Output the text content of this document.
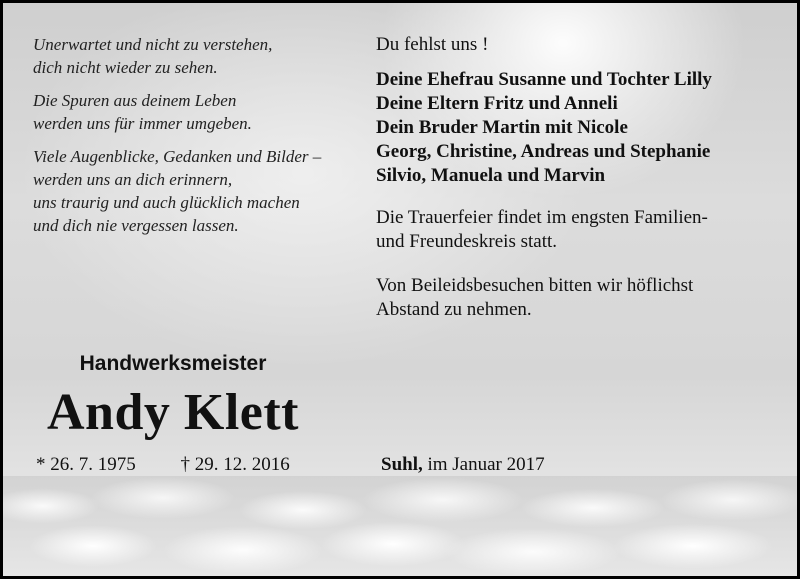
Unerwartet und nicht zu verstehen,
dich nicht wieder zu sehen.

Die Spuren aus deinem Leben
werden uns für immer umgeben.

Viele Augenblicke, Gedanken und Bilder –
werden uns an dich erinnern,
uns traurig und auch glücklich machen
und dich nie vergessen lassen.

Du fehlst uns !

Deine Ehefrau Susanne und Tochter Lilly
Deine Eltern Fritz und Anneli
Dein Bruder Martin mit Nicole
Georg, Christine, Andreas und Stephanie
Silvio, Manuela und Marvin

Die Trauerfeier findet im engsten Familien-
und Freundeskreis statt.

Von Beileidsbesuchen bitten wir höflichst
Abstand zu nehmen.

Handwerksmeister
Andy Klett
* 26. 7. 1975 † 29. 12. 2016	Suhl, im Januar 2017
